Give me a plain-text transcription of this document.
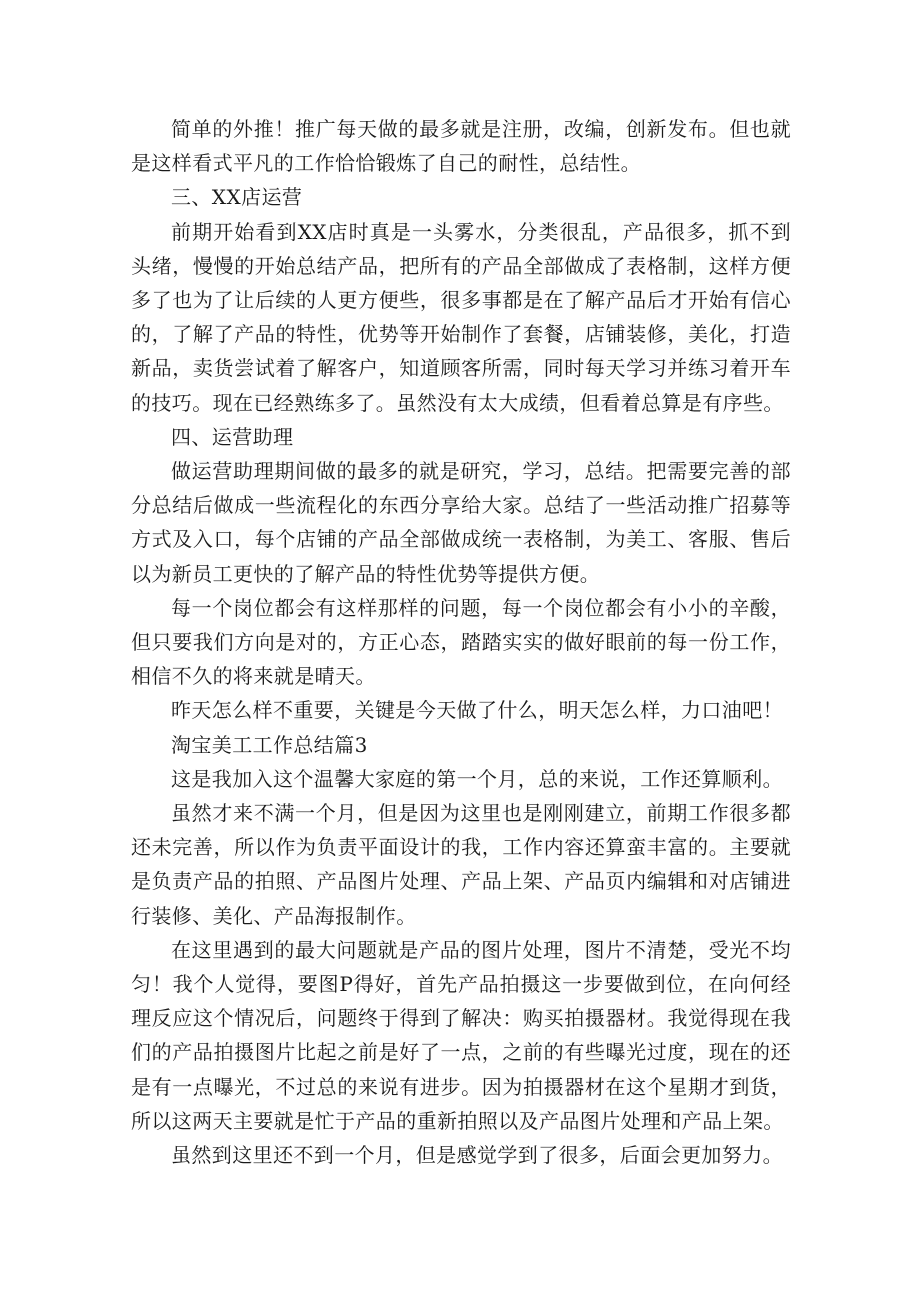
简单的外推！推广每天做的最多就是注册，改编，创新发布。但也就是这样看式平凡的工作恰恰锻炼了自己的耐性，总结性。

三、XX店运营

前期开始看到XX店时真是一头雾水，分类很乱，产品很多，抓不到头绪，慢慢的开始总结产品，把所有的产品全部做成了表格制，这样方便多了也为了让后续的人更方便些，很多事都是在了解产品后才开始有信心的，了解了产品的特性，优势等开始制作了套餐，店铺装修，美化，打造新品，卖货尝试着了解客户，知道顾客所需，同时每天学习并练习着开车的技巧。现在已经熟练多了。虽然没有太大成绩，但看着总算是有序些。

四、运营助理

做运营助理期间做的最多的就是研究，学习，总结。把需要完善的部分总结后做成一些流程化的东西分享给大家。总结了一些活动推广招募等方式及入口，每个店铺的产品全部做成统一表格制，为美工、客服、售后以为新员工更快的了解产品的特性优势等提供方便。

每一个岗位都会有这样那样的问题，每一个岗位都会有小小的辛酸，但只要我们方向是对的，方正心态，踏踏实实的做好眼前的每一份工作，相信不久的将来就是晴天。

昨天怎么样不重要，关键是今天做了什么，明天怎么样，力口油吧！

淘宝美工工作总结篇3

这是我加入这个温馨大家庭的第一个月，总的来说，工作还算顺利。

虽然才来不满一个月，但是因为这里也是刚刚建立，前期工作很多都还未完善，所以作为负责平面设计的我，工作内容还算蛮丰富的。主要就是负责产品的拍照、产品图片处理、产品上架、产品页内编辑和对店铺进行装修、美化、产品海报制作。

在这里遇到的最大问题就是产品的图片处理，图片不清楚，受光不均匀！我个人觉得，要图P得好，首先产品拍摄这一步要做到位，在向何经理反应这个情况后，问题终于得到了解决：购买拍摄器材。我觉得现在我们的产品拍摄图片比起之前是好了一点，之前的有些曝光过度，现在的还是有一点曝光，不过总的来说有进步。因为拍摄器材在这个星期才到货，所以这两天主要就是忙于产品的重新拍照以及产品图片处理和产品上架。

虽然到这里还不到一个月，但是感觉学到了很多，后面会更加努力。
